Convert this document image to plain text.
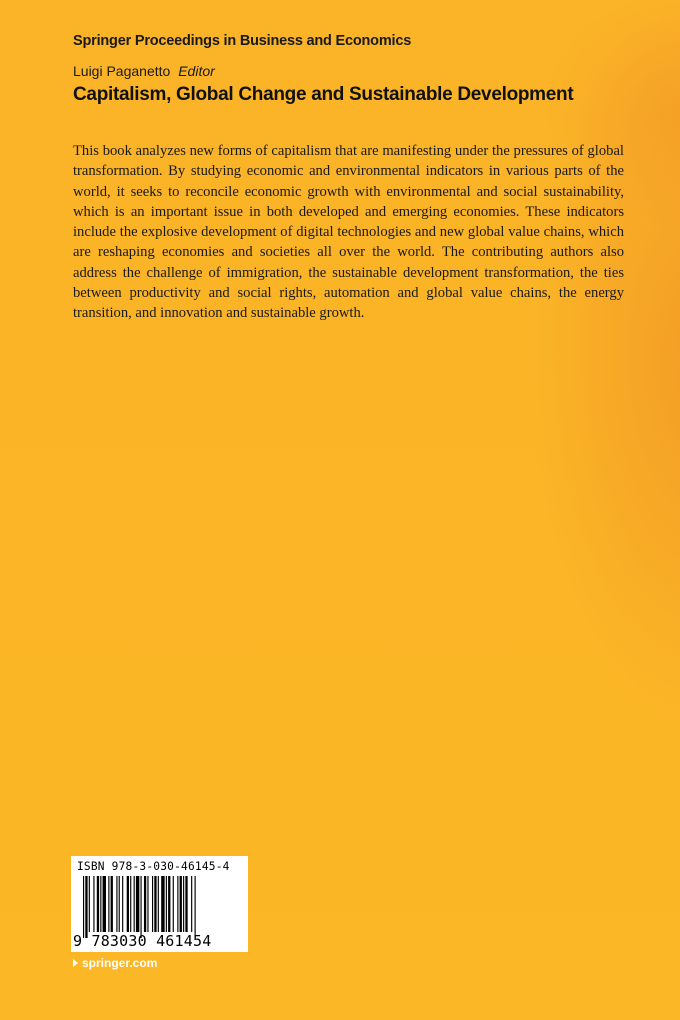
Springer Proceedings in Business and Economics
Luigi Paganetto Editor
Capitalism, Global Change and Sustainable Development

This book analyzes new forms of capitalism that are manifesting under the pressures of global transformation. By studying economic and environmental indicators in various parts of the world, it seeks to reconcile economic growth with environmental and social sustainability, which is an important issue in both developed and emerging economies. These indicators include the explosive development of digital technologies and new global value chains, which are reshaping economies and societies all over the world. The contributing authors also address the challenge of immigration, the sustainable development transformation, the ties between productivity and social rights, automation and global value chains, the energy transition, and innovation and sustainable growth.

ISBN 978-3-030-46145-4
9 783030 461454
springer.com
